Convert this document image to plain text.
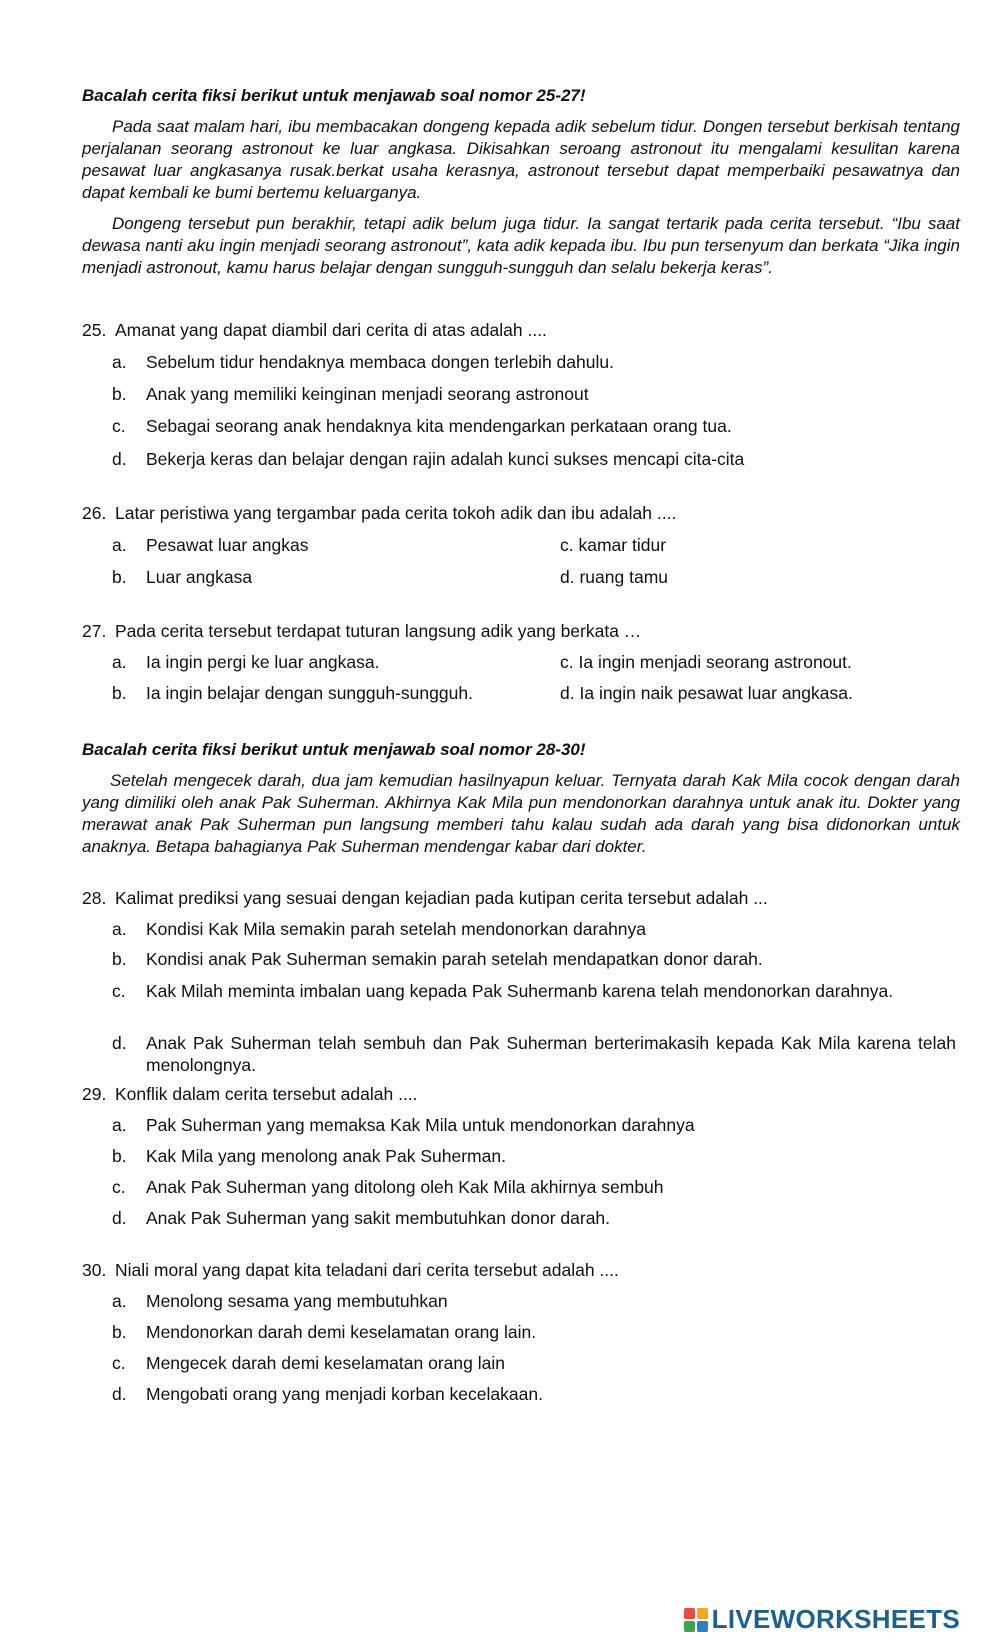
Bacalah cerita fiksi berikut untuk menjawab soal nomor 25-27!

Pada saat malam hari, ibu membacakan dongeng kepada adik sebelum tidur. Dongen tersebut berkisah tentang perjalanan seorang astronout ke luar angkasa. Dikisahkan seroang astronout itu mengalami kesulitan karena pesawat luar angkasanya rusak.berkat usaha kerasnya, astronout tersebut dapat memperbaiki pesawatnya dan dapat kembali ke bumi bertemu keluarganya.

Dongeng tersebut pun berakhir, tetapi adik belum juga tidur. Ia sangat tertarik pada cerita tersebut. “Ibu saat dewasa nanti aku ingin menjadi seorang astronout”, kata adik kepada ibu. Ibu pun tersenyum dan berkata “Jika ingin menjadi astronout, kamu harus belajar dengan sungguh-sungguh dan selalu bekerja keras”.

25. Amanat yang dapat diambil dari cerita di atas adalah ....
a. Sebelum tidur hendaknya membaca dongen terlebih dahulu.
b. Anak yang memiliki keinginan menjadi seorang astronout
c. Sebagai seorang anak hendaknya kita mendengarkan perkataan orang tua.
d. Bekerja keras dan belajar dengan rajin adalah kunci sukses mencapi cita-cita
26. Latar peristiwa yang tergambar pada cerita tokoh adik dan ibu adalah ....
a. Pesawat luar angkas
b. Luar angkasa
c. kamar tidur
d. ruang tamu
27. Pada cerita tersebut terdapat tuturan langsung adik yang berkata …
a. Ia ingin pergi ke luar angkasa.
b. Ia ingin belajar dengan sungguh-sungguh.
c. Ia ingin menjadi seorang astronout.
d. Ia ingin naik pesawat luar angkasa.
Bacalah cerita fiksi berikut untuk menjawab soal nomor 28-30!

Setelah mengecek darah, dua jam kemudian hasilnyapun keluar. Ternyata darah Kak Mila cocok dengan darah yang dimiliki oleh anak Pak Suherman. Akhirnya Kak Mila pun mendonorkan darahnya untuk anak itu. Dokter yang merawat anak Pak Suherman pun langsung memberi tahu kalau sudah ada darah yang bisa didonorkan untuk anaknya. Betapa bahagianya Pak Suherman mendengar kabar dari dokter.

28. Kalimat prediksi yang sesuai dengan kejadian pada kutipan cerita tersebut adalah ...
a. Kondisi Kak Mila semakin parah setelah mendonorkan darahnya
b. Kondisi anak Pak Suherman semakin parah setelah mendapatkan donor darah.
c. Kak Milah meminta imbalan uang kepada Pak Suhermanb karena telah mendonorkan darahnya.
d. Anak Pak Suherman telah sembuh dan Pak Suherman berterimakasih kepada Kak Mila karena telah menolongnya.
29. Konflik dalam cerita tersebut adalah ....
a. Pak Suherman yang memaksa Kak Mila untuk mendonorkan darahnya
b. Kak Mila yang menolong anak Pak Suherman.
c. Anak Pak Suherman yang ditolong oleh Kak Mila akhirnya sembuh
d. Anak Pak Suherman yang sakit membutuhkan donor darah.
30. Niali moral yang dapat kita teladani dari cerita tersebut adalah ....
a. Menolong sesama yang membutuhkan
b. Mendonorkan darah demi keselamatan orang lain.
c. Mengecek darah demi keselamatan orang lain
d. Mengobati orang yang menjadi korban kecelakaan.
LIVEWORKSHEETS
